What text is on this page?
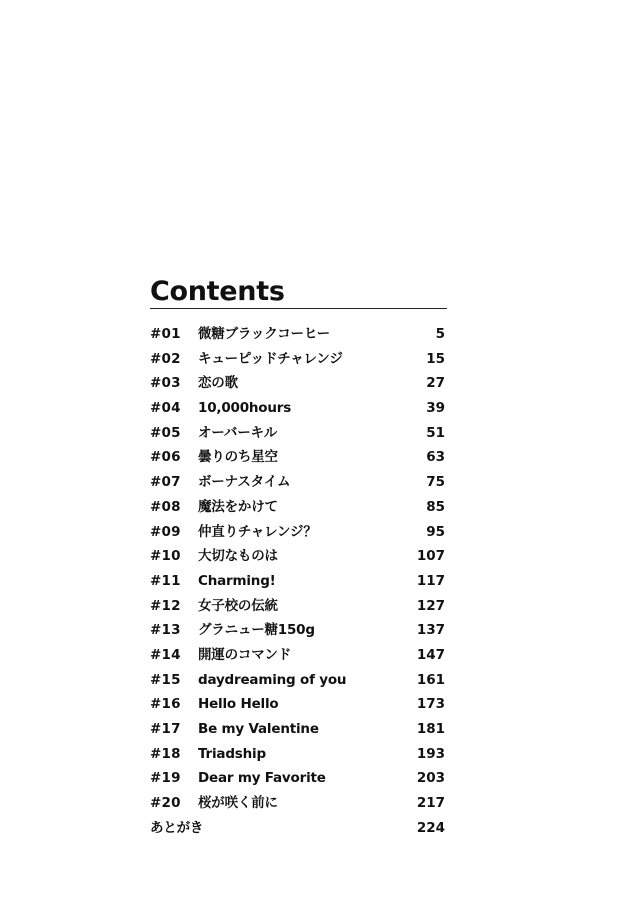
Contents
#01 微糖ブラックコーヒー	5
#02 キューピッドチャレンジ	15
#03 恋の歌	27
#04 10,000hours	39
#05 オーバーキル	51
#06 曇りのち星空	63
#07 ボーナスタイム	75
#08 魔法をかけて	85
#09 仲直りチャレンジ？	95
#10 大切なものは	107
#11 Charming!	117
#12 女子校の伝統	127
#13 グラニュー糖150g	137
#14 開運のコマンド	147
#15 daydreaming of you	161
#16 Hello Hello	173
#17 Be my Valentine	181
#18 Triadship	193
#19 Dear my Favorite	203
#20 桜が咲く前に	217
あとがき	224
